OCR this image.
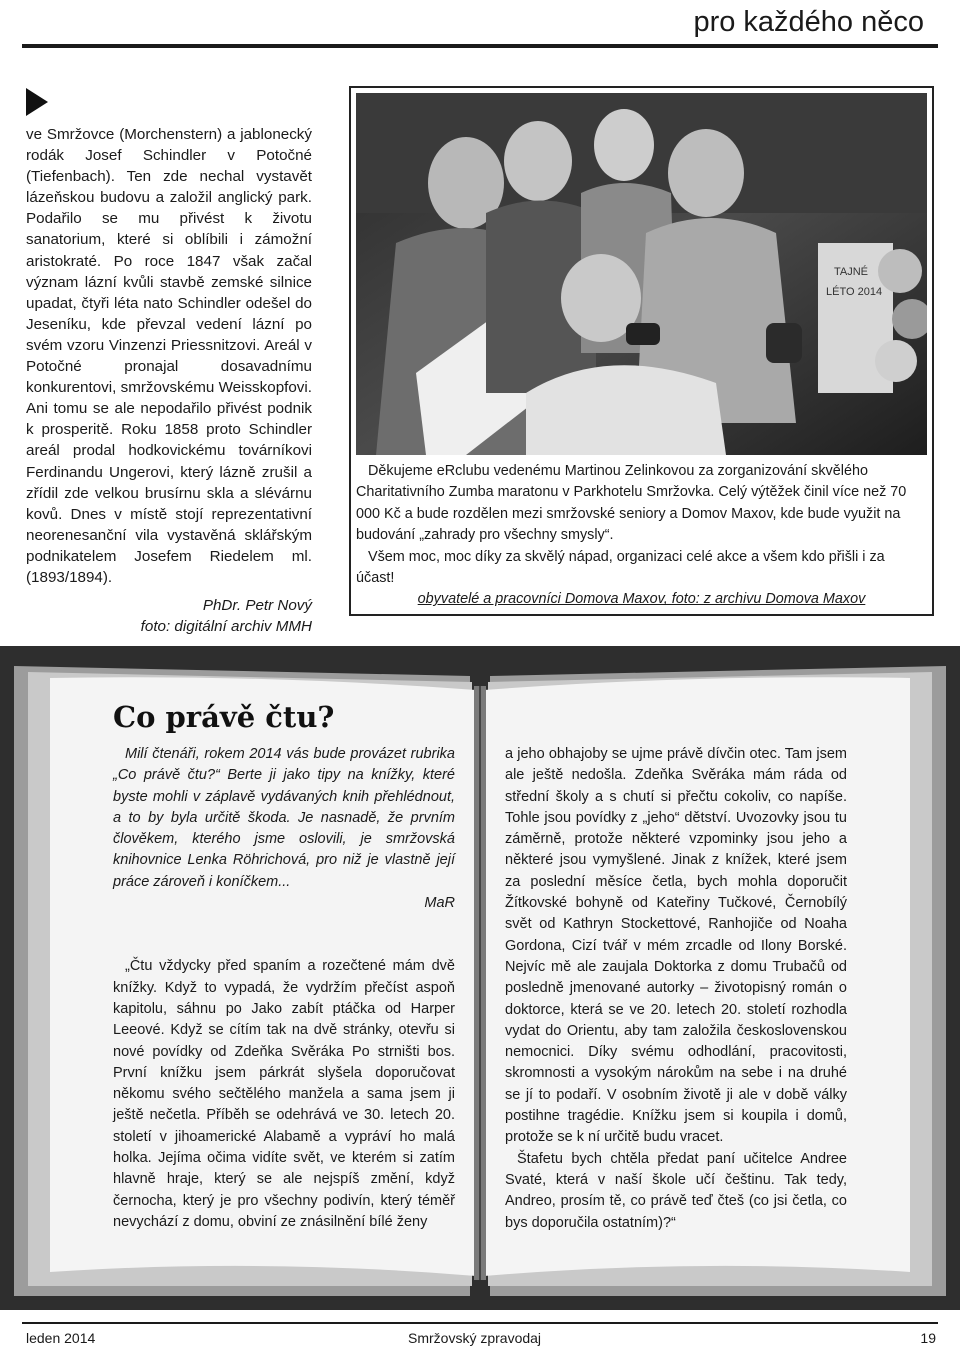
pro každého něco

ve Smržovce (Morchenstern) a jablonecký rodák Josef Schindler v Potočné (Tiefenbach). Ten zde nechal vystavět lázeňskou budovu a založil anglický park. Podařilo se mu přivést k životu sanatorium, které si oblíbili i zámožní aristokraté. Po roce 1847 však začal význam lázní kvůli stavbě zemské silnice upadat, čtyři léta nato Schindler odešel do Jeseníku, kde převzal vedení lázní po svém vzoru Vinzenzi Priessnitzovi. Areál v Potočné pronajal dosavadnímu konkurentovi, smržovskému Weisskopfovi. Ani tomu se ale nepodařilo přivést podnik k prosperitě. Roku 1858 proto Schindler areál prodal hodkovickému továrníkovi Ferdinandu Ungerovi, který lázně zrušil a zřídil zde velkou brusírnu skla a slévárnu kovů. Dnes v místě stojí reprezentativní neorenesanční vila vystavěná sklářským podnikatelem Josefem Riedelem ml. (1893/1894).

PhDr. Petr Nový

foto: digitální archiv MMH

TAJNÉ
LÉTO 2014

Děkujeme eRclubu vedenému Martinou Zelinkovou za zorganizování skvělého Charitativního Zumba maratonu v Parkhotelu Smržovka. Celý výtěžek činil více než 70 000 Kč a bude rozdělen mezi smržovské seniory a Domov Maxov, kde bude využit na budování „zahrady pro všechny smysly“.

Všem moc, moc díky za skvělý nápad, organizaci celé akce a všem kdo přišli i za účast!

obyvatelé a pracovníci Domova Maxov, foto: z archivu Domova Maxov

Co právě čtu?

Milí čtenáři, rokem 2014 vás bude provázet rubrika „Co právě čtu?“ Berte ji jako tipy na knížky, které byste mohli v záplavě vydávaných knih přehlédnout, a to by byla určitě škoda. Je nasnadě, že prvním člověkem, kterého jsme oslovili, je smržovská knihovnice Lenka Röhrichová, pro niž je vlastně její práce zároveň i koníčkem...

MaR

„Čtu vždycky před spaním a rozečtené mám dvě knížky. Když to vypadá, že vydržím přečíst aspoň kapitolu, sáhnu po Jako zabít ptáčka od Harper Leeové. Když se cítím tak na dvě stránky, otevřu si nové povídky od Zdeňka Svěráka Po strništi bos. První knížku jsem párkrát slyšela doporučovat někomu svého sečtělého manžela a sama jsem ji ještě nečetla. Příběh se odehrává ve 30. letech 20. století v jihoamerické Alabamě a vypráví ho malá holka. Jejíma očima vidíte svět, ve kterém si zatím hlavně hraje, který se ale nejspíš změní, když černocha, který je pro všechny podivín, který téměř nevychází z domu, obviní ze znásilnění bílé ženy

a jeho obhajoby se ujme právě dívčin otec. Tam jsem ale ještě nedošla. Zdeňka Svěráka mám ráda od střední školy a s chutí si přečtu cokoliv, co napíše. Tohle jsou povídky z „jeho“ dětství. Uvozovky jsou tu záměrně, protože některé vzpominky jsou jeho a některé jsou vymyšlené. Jinak z knížek, které jsem za poslední měsíce četla, bych mohla doporučit Žítkovské bohyně od Kateřiny Tučkové, Černobílý svět od Kathryn Stockettové, Ranhojiče od Noaha Gordona, Cizí tvář v mém zrcadle od Ilony Borské. Nejvíc mě ale zaujala Doktorka z domu Trubačů od posledně jmenované autorky – životopisný román o doktorce, která se ve 20. letech 20. století rozhodla vydat do Orientu, aby tam založila československou nemocnici. Díky svému odhodlání, pracovitosti, skromnosti a vysokým nárokům na sebe i na druhé se jí to podaří. V osobním životě ji ale v době války postihne tragédie. Knížku jsem si koupila i domů, protože se k ní určitě budu vracet.

Štafetu bych chtěla předat paní učitelce Andree Svaté, která v naší škole učí češtinu. Tak tedy, Andreo, prosím tě, co právě teď čteš (co jsi četla, co bys doporučila ostatním)?“

leden 2014	Smržovský zpravodaj	19
